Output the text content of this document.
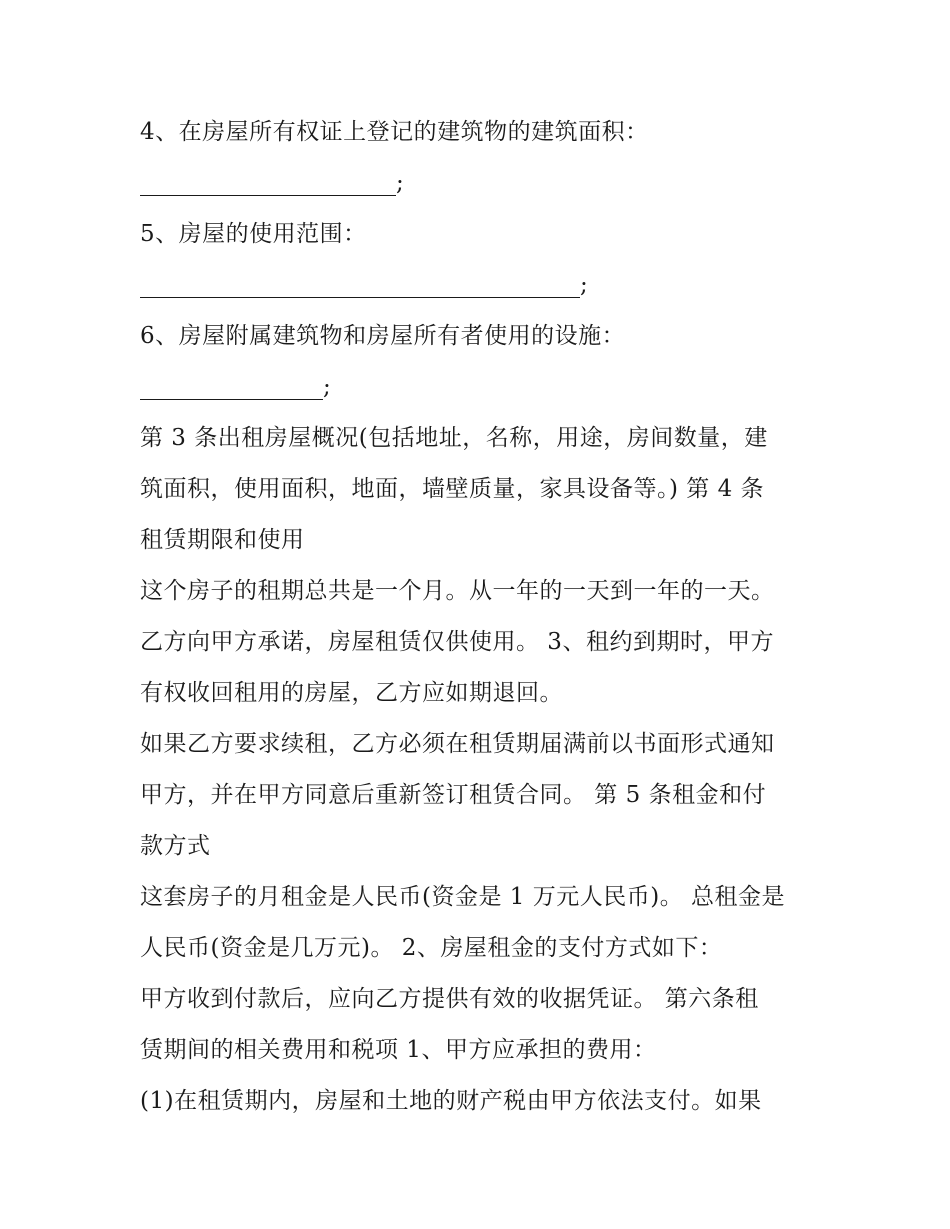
4、在房屋所有权证上登记的建筑物的建筑面积：
;
5、房屋的使用范围：
;
6、房屋附属建筑物和房屋所有者使用的设施：
;
第 3 条出租房屋概况(包括地址，名称，用途，房间数量，建
筑面积，使用面积，地面，墙壁质量，家具设备等。) 第 4 条
租赁期限和使用
这个房子的租期总共是一个月。从一年的一天到一年的一天。
乙方向甲方承诺，房屋租赁仅供使用。 3、租约到期时，甲方
有权收回租用的房屋，乙方应如期退回。
如果乙方要求续租，乙方必须在租赁期届满前以书面形式通知
甲方，并在甲方同意后重新签订租赁合同。 第 5 条租金和付
款方式
这套房子的月租金是人民币(资金是 1 万元人民币)。 总租金是
人民币(资金是几万元)。 2、房屋租金的支付方式如下：
甲方收到付款后，应向乙方提供有效的收据凭证。 第六条租
赁期间的相关费用和税项 1、甲方应承担的费用：
(1)在租赁期内，房屋和土地的财产税由甲方依法支付。如果
